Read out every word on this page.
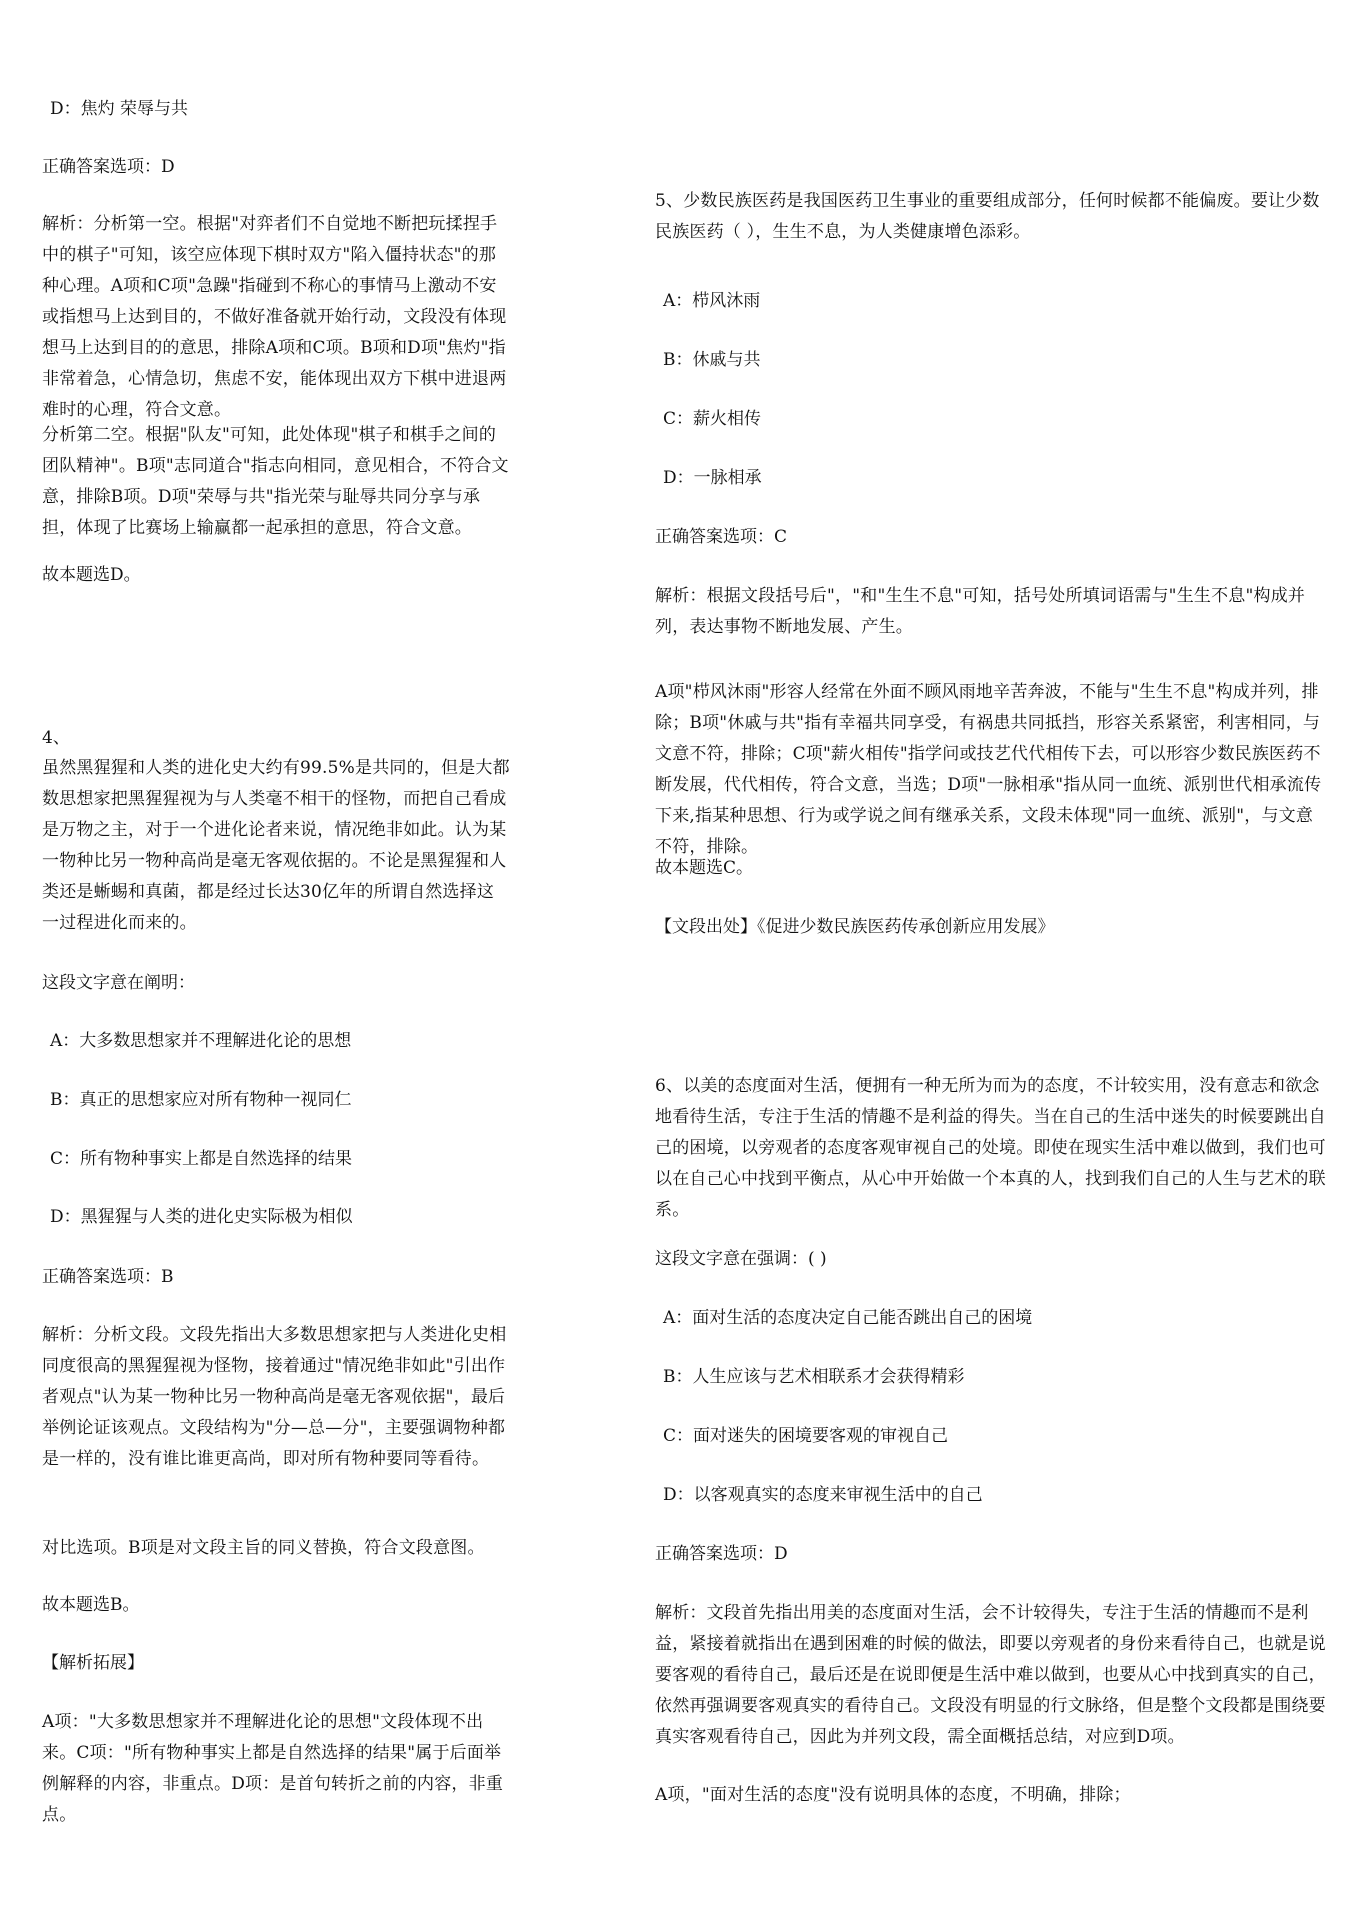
D：焦灼 荣辱与共

正确答案选项：D

解析：分析第一空。根据"对弈者们不自觉地不断把玩揉捏手中的棋子"可知，该空应体现下棋时双方"陷入僵持状态"的那种心理。A项和C项"急躁"指碰到不称心的事情马上激动不安或指想马上达到目的，不做好准备就开始行动，文段没有体现想马上达到目的的意思，排除A项和C项。B项和D项"焦灼"指非常着急，心情急切，焦虑不安，能体现出双方下棋中进退两难时的心理，符合文意。

分析第二空。根据"队友"可知，此处体现"棋子和棋手之间的团队精神"。B项"志同道合"指志向相同，意见相合，不符合文意，排除B项。D项"荣辱与共"指光荣与耻辱共同分享与承担，体现了比赛场上输赢都一起承担的意思，符合文意。

故本题选D。

4、

虽然黑猩猩和人类的进化史大约有99.5%是共同的，但是大都数思想家把黑猩猩视为与人类毫不相干的怪物，而把自己看成是万物之主，对于一个进化论者来说，情况绝非如此。认为某一物种比另一物种高尚是毫无客观依据的。不论是黑猩猩和人类还是蜥蜴和真菌，都是经过长达30亿年的所谓自然选择这一过程进化而来的。

这段文字意在阐明：

A：大多数思想家并不理解进化论的思想

B：真正的思想家应对所有物种一视同仁

C：所有物种事实上都是自然选择的结果

D：黑猩猩与人类的进化史实际极为相似

正确答案选项：B

解析：分析文段。文段先指出大多数思想家把与人类进化史相同度很高的黑猩猩视为怪物，接着通过"情况绝非如此"引出作者观点"认为某一物种比另一物种高尚是毫无客观依据"，最后举例论证该观点。文段结构为"分—总—分"，主要强调物种都是一样的，没有谁比谁更高尚，即对所有物种要同等看待。

对比选项。B项是对文段主旨的同义替换，符合文段意图。

故本题选B。

【解析拓展】

A项："大多数思想家并不理解进化论的思想"文段体现不出来。C项："所有物种事实上都是自然选择的结果"属于后面举例解释的内容，非重点。D项：是首句转折之前的内容，非重点。

5、少数民族医药是我国医药卫生事业的重要组成部分，任何时候都不能偏废。要让少数民族医药（ ），生生不息，为人类健康增色添彩。

A：栉风沐雨

B：休戚与共

C：薪火相传

D：一脉相承

正确答案选项：C

解析：根据文段括号后"，"和"生生不息"可知，括号处所填词语需与"生生不息"构成并列，表达事物不断地发展、产生。

A项"栉风沐雨"形容人经常在外面不顾风雨地辛苦奔波，不能与"生生不息"构成并列，排除；B项"休戚与共"指有幸福共同享受，有祸患共同抵挡，形容关系紧密，利害相同，与文意不符，排除；C项"薪火相传"指学问或技艺代代相传下去，可以形容少数民族医药不断发展，代代相传，符合文意，当选；D项"一脉相承"指从同一血统、派别世代相承流传下来,指某种思想、行为或学说之间有继承关系，文段未体现"同一血统、派别"，与文意不符，排除。

故本题选C。

【文段出处】《促进少数民族医药传承创新应用发展》

6、以美的态度面对生活，便拥有一种无所为而为的态度，不计较实用，没有意志和欲念地看待生活，专注于生活的情趣不是利益的得失。当在自己的生活中迷失的时候要跳出自己的困境，以旁观者的态度客观审视自己的处境。即使在现实生活中难以做到，我们也可以在自己心中找到平衡点，从心中开始做一个本真的人，找到我们自己的人生与艺术的联系。

这段文字意在强调：( )

A：面对生活的态度决定自己能否跳出自己的困境

B：人生应该与艺术相联系才会获得精彩

C：面对迷失的困境要客观的审视自己

D：以客观真实的态度来审视生活中的自己

正确答案选项：D

解析：文段首先指出用美的态度面对生活，会不计较得失，专注于生活的情趣而不是利益，紧接着就指出在遇到困难的时候的做法，即要以旁观者的身份来看待自己，也就是说要客观的看待自己，最后还是在说即便是生活中难以做到，也要从心中找到真实的自己，依然再强调要客观真实的看待自己。文段没有明显的行文脉络，但是整个文段都是围绕要真实客观看待自己，因此为并列文段，需全面概括总结，对应到D项。

A项，"面对生活的态度"没有说明具体的态度，不明确，排除；
